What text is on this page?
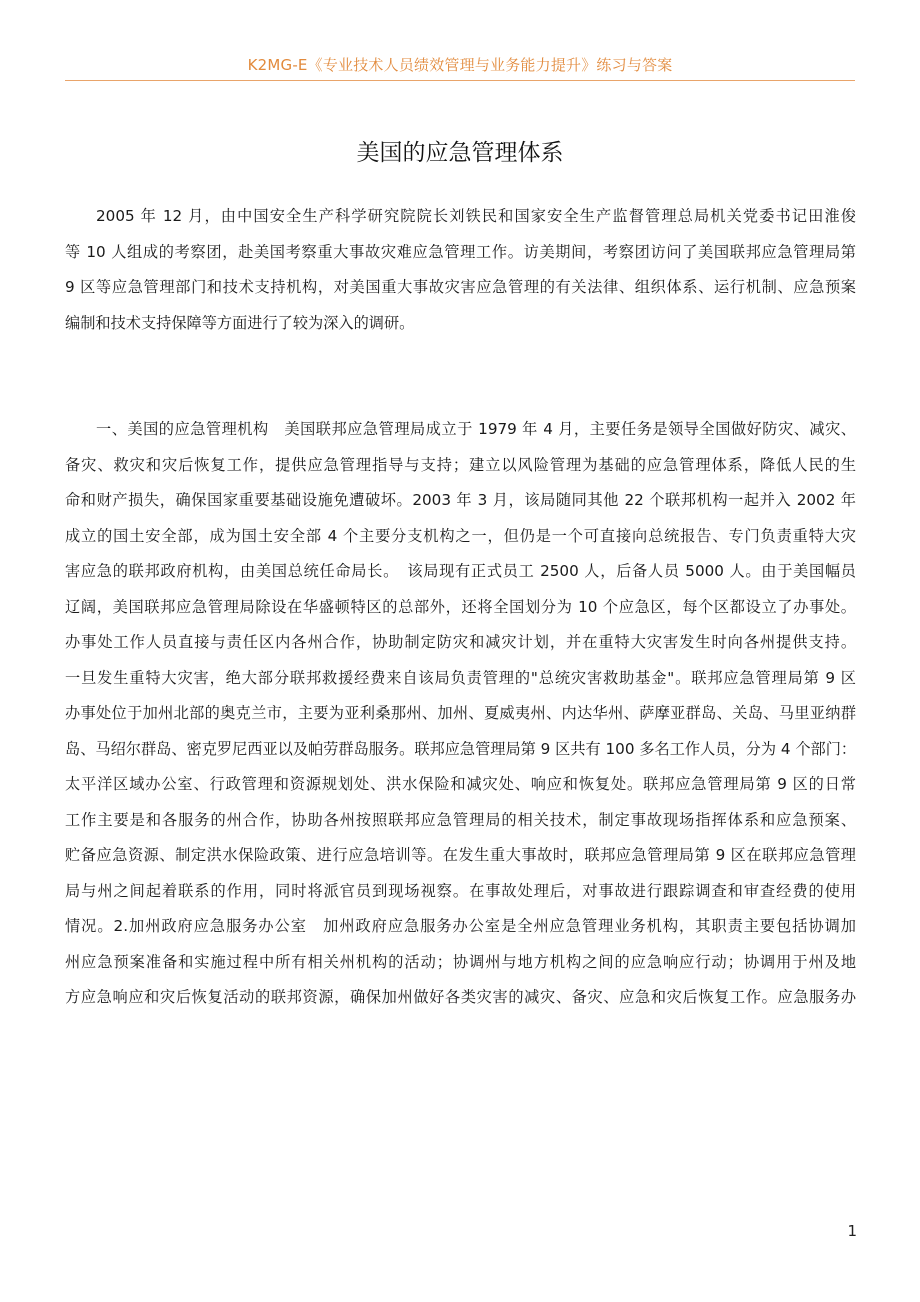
K2MG-E《专业技术人员绩效管理与业务能力提升》练习与答案
美国的应急管理体系
2005 年 12 月，由中国安全生产科学研究院院长刘铁民和国家安全生产监督管理总局机关党委书记田淮俊
等 10 人组成的考察团，赴美国考察重大事故灾难应急管理工作。访美期间，考察团访问了美国联邦应急管理局第
9 区等应急管理部门和技术支持机构，对美国重大事故灾害应急管理的有关法律、组织体系、运行机制、应急预案
编制和技术支持保障等方面进行了较为深入的调研。
一、美国的应急管理机构　美国联邦应急管理局成立于 1979 年 4 月，主要任务是领导全国做好防灾、减灾、
备灾、救灾和灾后恢复工作，提供应急管理指导与支持；建立以风险管理为基础的应急管理体系，降低人民的生
命和财产损失，确保国家重要基础设施免遭破坏。2003 年 3 月，该局随同其他 22 个联邦机构一起并入 2002 年
成立的国土安全部，成为国土安全部 4 个主要分支机构之一，但仍是一个可直接向总统报告、专门负责重特大灾
害应急的联邦政府机构，由美国总统任命局长。　该局现有正式员工 2500 人，后备人员 5000 人。由于美国幅员
辽阔，美国联邦应急管理局除设在华盛顿特区的总部外，还将全国划分为 10 个应急区，每个区都设立了办事处。
办事处工作人员直接与责任区内各州合作，协助制定防灾和减灾计划，并在重特大灾害发生时向各州提供支持。
一旦发生重特大灾害，绝大部分联邦救援经费来自该局负责管理的"总统灾害救助基金"。联邦应急管理局第 9 区
办事处位于加州北部的奥克兰市，主要为亚利桑那州、加州、夏威夷州、内达华州、萨摩亚群岛、关岛、马里亚纳群
岛、马绍尔群岛、密克罗尼西亚以及帕劳群岛服务。联邦应急管理局第 9 区共有 100 多名工作人员，分为 4 个部门：
太平洋区域办公室、行政管理和资源规划处、洪水保险和减灾处、响应和恢复处。联邦应急管理局第 9 区的日常
工作主要是和各服务的州合作，协助各州按照联邦应急管理局的相关技术，制定事故现场指挥体系和应急预案、
贮备应急资源、制定洪水保险政策、进行应急培训等。在发生重大事故时，联邦应急管理局第 9 区在联邦应急管理
局与州之间起着联系的作用，同时将派官员到现场视察。在事故处理后，对事故进行跟踪调查和审查经费的使用
情况。2.加州政府应急服务办公室　加州政府应急服务办公室是全州应急管理业务机构，其职责主要包括协调加
州应急预案准备和实施过程中所有相关州机构的活动；协调州与地方机构之间的应急响应行动；协调用于州及地
方应急响应和灾后恢复活动的联邦资源，确保加州做好各类灾害的减灾、备灾、应急和灾后恢复工作。应急服务办
1
